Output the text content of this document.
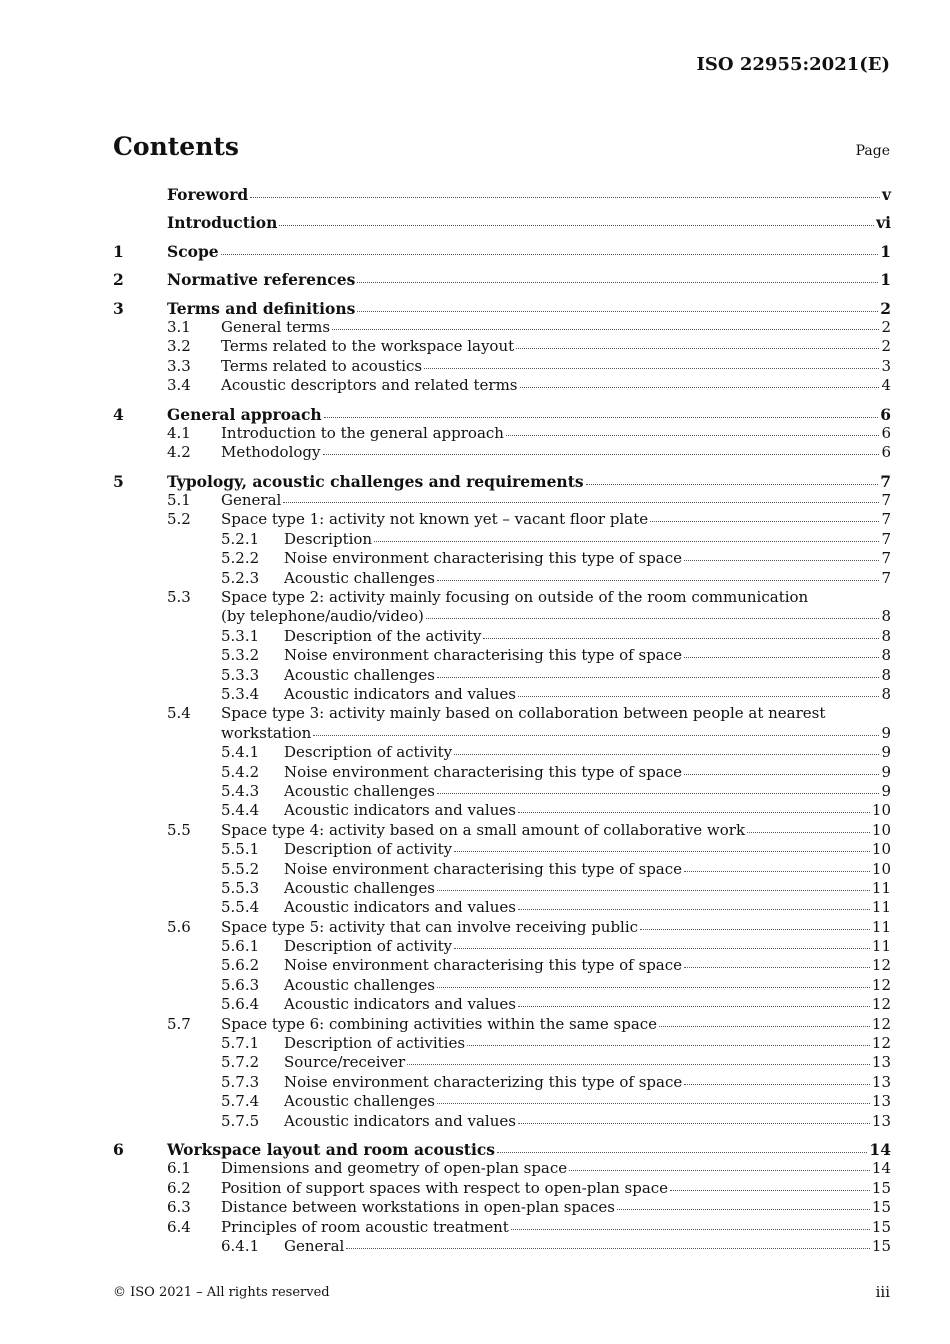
ISO 22955:2021(E)
Contents	Page
Foreword	v
Introduction	vi
1	Scope	1
2	Normative references	1
3	Terms and definitions	2
3.1	General terms	2
3.2	Terms related to the workspace layout	2
3.3	Terms related to acoustics	3
3.4	Acoustic descriptors and related terms	4
4	General approach	6
4.1	Introduction to the general approach	6
4.2	Methodology	6
5	Typology, acoustic challenges and requirements	7
5.1	General	7
5.2	Space type 1: activity not known yet – vacant floor plate	7
5.2.1	Description	7
5.2.2	Noise environment characterising this type of space	7
5.2.3	Acoustic challenges	7
5.3	Space type 2: activity mainly focusing on outside of the room communication
(by telephone/audio/video)	8
5.3.1	Description of the activity	8
5.3.2	Noise environment characterising this type of space	8
5.3.3	Acoustic challenges	8
5.3.4	Acoustic indicators and values	8
5.4	Space type 3: activity mainly based on collaboration between people at nearest
workstation	9
5.4.1	Description of activity	9
5.4.2	Noise environment characterising this type of space	9
5.4.3	Acoustic challenges	9
5.4.4	Acoustic indicators and values	10
5.5	Space type 4: activity based on a small amount of collaborative work	10
5.5.1	Description of activity	10
5.5.2	Noise environment characterising this type of space	10
5.5.3	Acoustic challenges	11
5.5.4	Acoustic indicators and values	11
5.6	Space type 5: activity that can involve receiving public	11
5.6.1	Description of activity	11
5.6.2	Noise environment characterising this type of space	12
5.6.3	Acoustic challenges	12
5.6.4	Acoustic indicators and values	12
5.7	Space type 6: combining activities within the same space	12
5.7.1	Description of activities	12
5.7.2	Source/receiver	13
5.7.3	Noise environment characterizing this type of space	13
5.7.4	Acoustic challenges	13
5.7.5	Acoustic indicators and values	13
6	Workspace layout and room acoustics	14
6.1	Dimensions and geometry of open-plan space	14
6.2	Position of support spaces with respect to open-plan space	15
6.3	Distance between workstations in open-plan spaces	15
6.4	Principles of room acoustic treatment	15
6.4.1	General	15
© ISO 2021 – All rights reserved	iii
